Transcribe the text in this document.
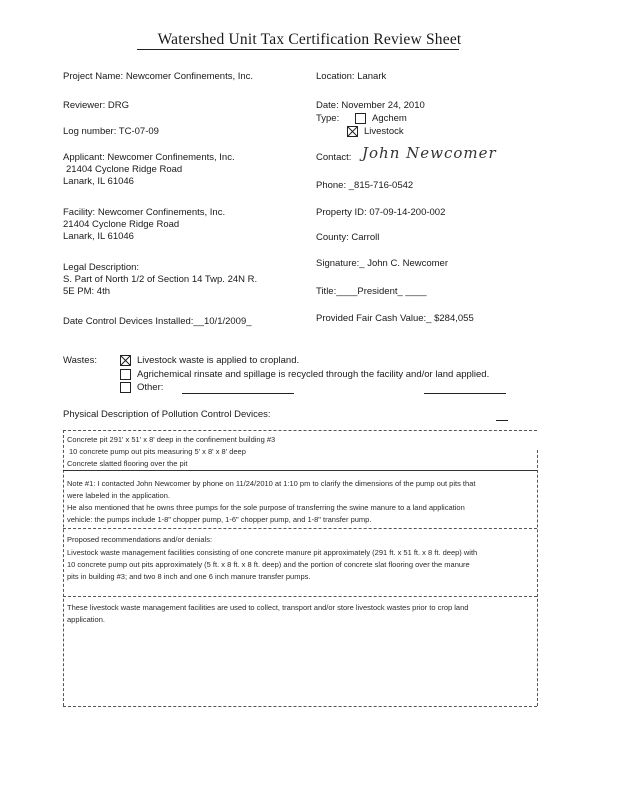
Watershed Unit Tax Certification Review Sheet
Project Name: Newcomer Confinements, Inc.	Location: Lanark
Reviewer: DRG	Date: November 24, 2010
Type:	Agchem
Livestock
Log number: TC-07-09
Applicant: Newcomer Confinements, Inc.
21404 Cyclone Ridge Road
Lanark, IL 61046
Contact: John Newcomer
Phone: _815-716-0542
Facility: Newcomer Confinements, Inc.
21404 Cyclone Ridge Road
Lanark, IL 61046
Property ID: 07-09-14-200-002
County: Carroll
Legal Description:
S. Part of North 1/2 of Section 14 Twp. 24N R.
5E PM: 4th
Signature:_ John C. Newcomer
Title:____President_ ____
Date Control Devices Installed:__10/1/2009_	Provided Fair Cash Value:_ $284,055
Wastes:	Livestock waste is applied to cropland.
Agrichemical rinsate and spillage is recycled through the facility and/or land applied.
Other:
Physical Description of Pollution Control Devices:
Concrete pit 291' x 51' x 8' deep in the confinement building #3
10 concrete pump out pits measuring 5' x 8' x 8' deep
Concrete slatted flooring over the pit
Note #1: I contacted John Newcomer by phone on 11/24/2010 at 1:10 pm to clarify the dimensions of the pump out pits that
were labeled in the application.
He also mentioned that he owns three pumps for the sole purpose of transferring the swine manure to a land application
vehicle: the pumps include 1-8" chopper pump, 1-6" chopper pump, and 1-8" transfer pump.
Proposed recommendations and/or denials:
Livestock waste management facilities consisting of one concrete manure pit approximately (291 ft. x 51 ft. x 8 ft. deep) with
10 concrete pump out pits approximately (5 ft. x 8 ft. x 8 ft. deep) and the portion of concrete slat flooring over the manure
pits in building #3; and two 8 inch and one 6 inch manure transfer pumps.
These livestock waste management facilities are used to collect, transport and/or store livestock wastes prior to crop land
application.
